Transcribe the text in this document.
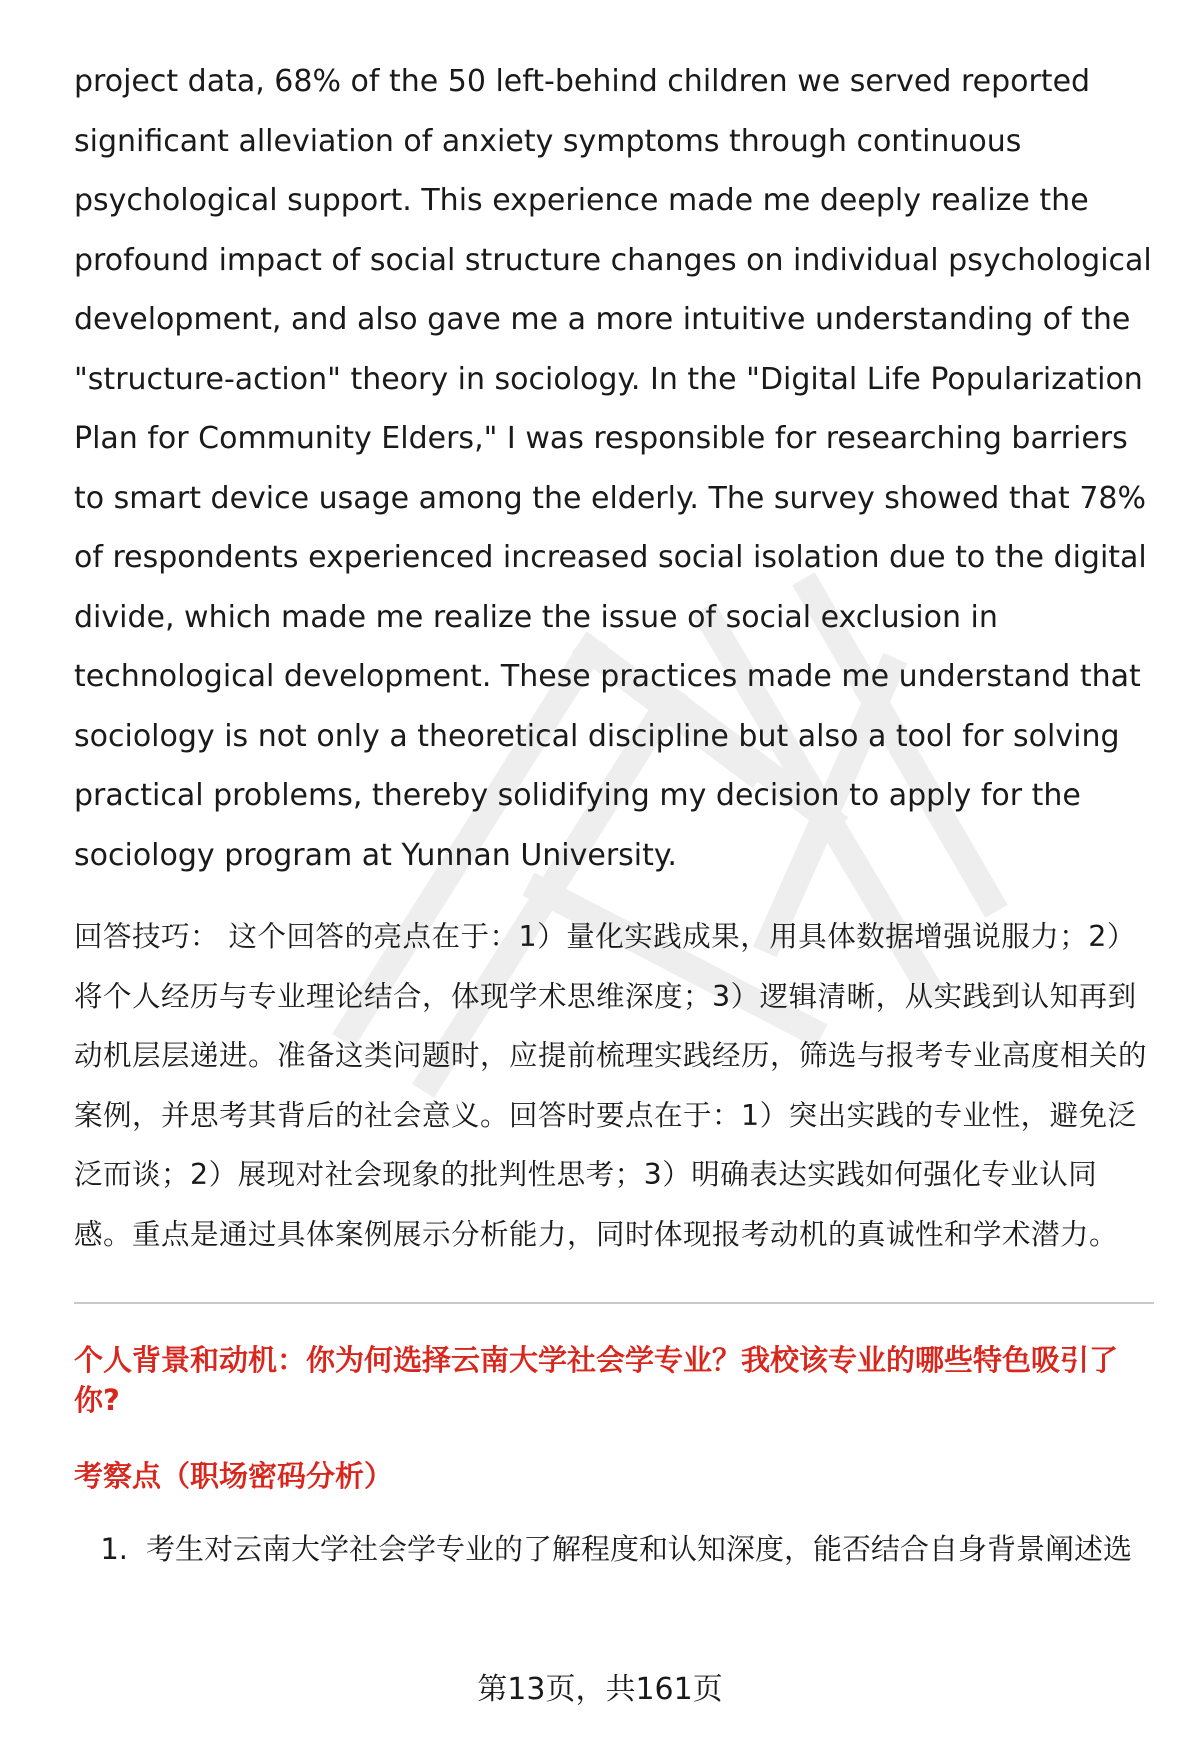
project data, 68% of the 50 left-behind children we served reported significant alleviation of anxiety symptoms through continuous psychological support. This experience made me deeply realize the profound impact of social structure changes on individual psychological development, and also gave me a more intuitive understanding of the "structure-action" theory in sociology. In the "Digital Life Popularization Plan for Community Elders," I was responsible for researching barriers to smart device usage among the elderly. The survey showed that 78% of respondents experienced increased social isolation due to the digital divide, which made me realize the issue of social exclusion in technological development. These practices made me understand that sociology is not only a theoretical discipline but also a tool for solving practical problems, thereby solidifying my decision to apply for the sociology program at Yunnan University.

回答技巧： 这个回答的亮点在于：1）量化实践成果，用具体数据增强说服力；2）将个人经历与专业理论结合，体现学术思维深度；3）逻辑清晰，从实践到认知再到动机层层递进。准备这类问题时，应提前梳理实践经历，筛选与报考专业高度相关的案例，并思考其背后的社会意义。回答时要点在于：1）突出实践的专业性，避免泛泛而谈；2）展现对社会现象的批判性思考；3）明确表达实践如何强化专业认同感。重点是通过具体案例展示分析能力，同时体现报考动机的真诚性和学术潜力。

个人背景和动机：你为何选择云南大学社会学专业？我校该专业的哪些特色吸引了你?
考察点（职场密码分析）
1. 考生对云南大学社会学专业的了解程度和认知深度，能否结合自身背景阐述选
第13页，共161页
